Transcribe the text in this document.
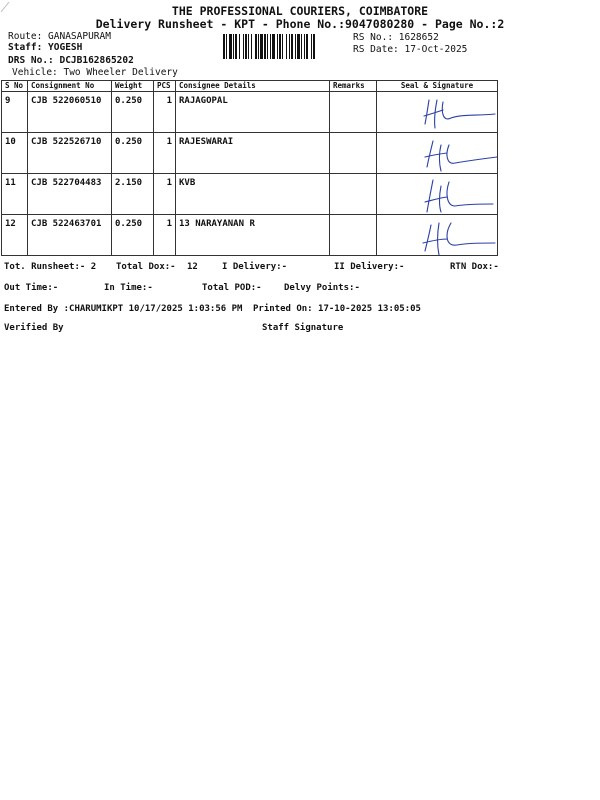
THE PROFESSIONAL COURIERS, COIMBATORE
Delivery Runsheet - KPT - Phone No.:9047080280 - Page No.:2
Route: GANASAPURAM
Staff: YOGESH
DRS No.: DCJB162865202
Vehicle: Two Wheeler Delivery
RS No.: 1628652
RS Date: 17-Oct-2025
S No	Consignment No	Weight	PCS	Consignee Details	Remarks	Seal & Signature
9	CJB 522060510	0.250	1	RAJAGOPAL		

10	CJB 522526710	0.250	1	RAJESWARAI		

11	CJB 522704483	2.150	1	KVB		

12	CJB 522463701	0.250	1	13 NARAYANAN R		
Tot. Runsheet:- 2 Total Dox:- 12	I Delivery:-	II Delivery:-	RTN Dox:-
Out Time:-	In Time:-	Total POD:- Delvy Points:-
Entered By :CHARUMIKPT 10/17/2025 1:03:56 PM Printed On: 17-10-2025 13:05:05
Verified By	Staff Signature
